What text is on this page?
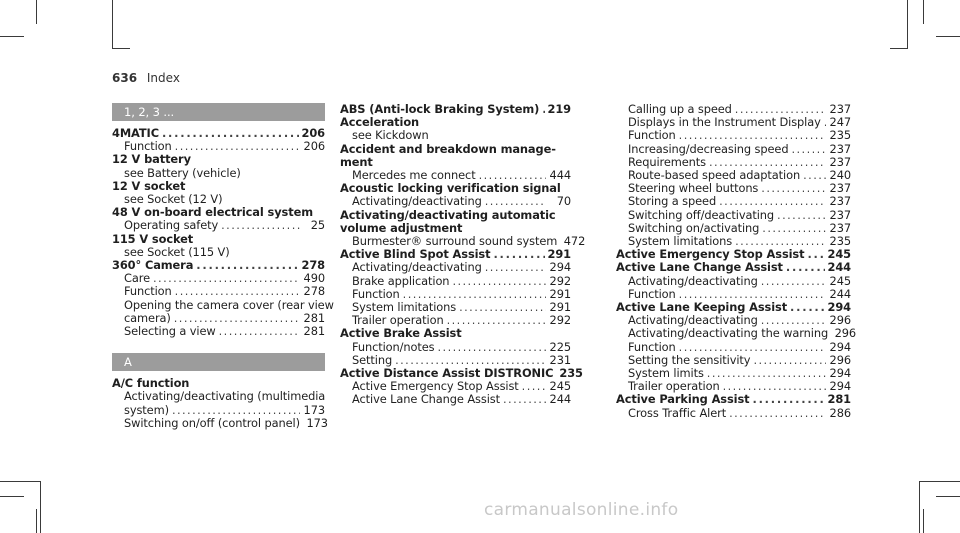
636 Index
1, 2, 3 ...
4MATIC . . .	206
Function . . .	206
12 V battery
see Battery (vehicle)
12 V socket
see Socket (12 V)
48 V on-board electrical system
Operating safety . . .	25
115 V socket
see Socket (115 V)
360° Camera . . .	278
Care . . .	490
Function . . .	278
Opening the camera cover (rear view
camera) . . .	281
Selecting a view . . .	281
A
A/C function
Activating/deactivating (multimedia
system) . . .	173
Switching on/off (control panel) 173
ABS (Anti-lock Braking System) . . . 219
Acceleration
see Kickdown
Accident and breakdown manage-
ment
Mercedes me connect . . .	444
Acoustic locking verification signal
Activating/deactivating . . .	70
Activating/deactivating automatic
volume adjustment
Burmester® surround sound system 472
Active Blind Spot Assist . . .	291
Activating/deactivating . . .	294
Brake application . . .	292
Function . . .	291
System limitations . . .	291
Trailer operation . . .	292
Active Brake Assist
Function/notes . . .	225
Setting . . .	231
Active Distance Assist DISTRONIC 235
Active Emergency Stop Assist . . .	245
Active Lane Change Assist . . .	244
Calling up a speed . . .	237
Displays in the Instrument Display . . . 247
Function . . .	235
Increasing/decreasing speed . . .	237
Requirements . . .	237
Route-based speed adaptation . . .	240
Steering wheel buttons . . .	237
Storing a speed . . .	237
Switching off/deactivating . . .	237
Switching on/activating . . .	237
System limitations . . .	235
Active Emergency Stop Assist . . . 245
Active Lane Change Assist . . .	244
Activating/deactivating . . .	245
Function . . .	244
Active Lane Keeping Assist . . .	294
Activating/deactivating . . .	296
Activating/deactivating the warning 296
Function . . .	294
Setting the sensitivity . . .	296
System limits . . .	294
Trailer operation . . .	294
Active Parking Assist . . .	281
Cross Traffic Alert . . .	286
carmanualsonline.info
